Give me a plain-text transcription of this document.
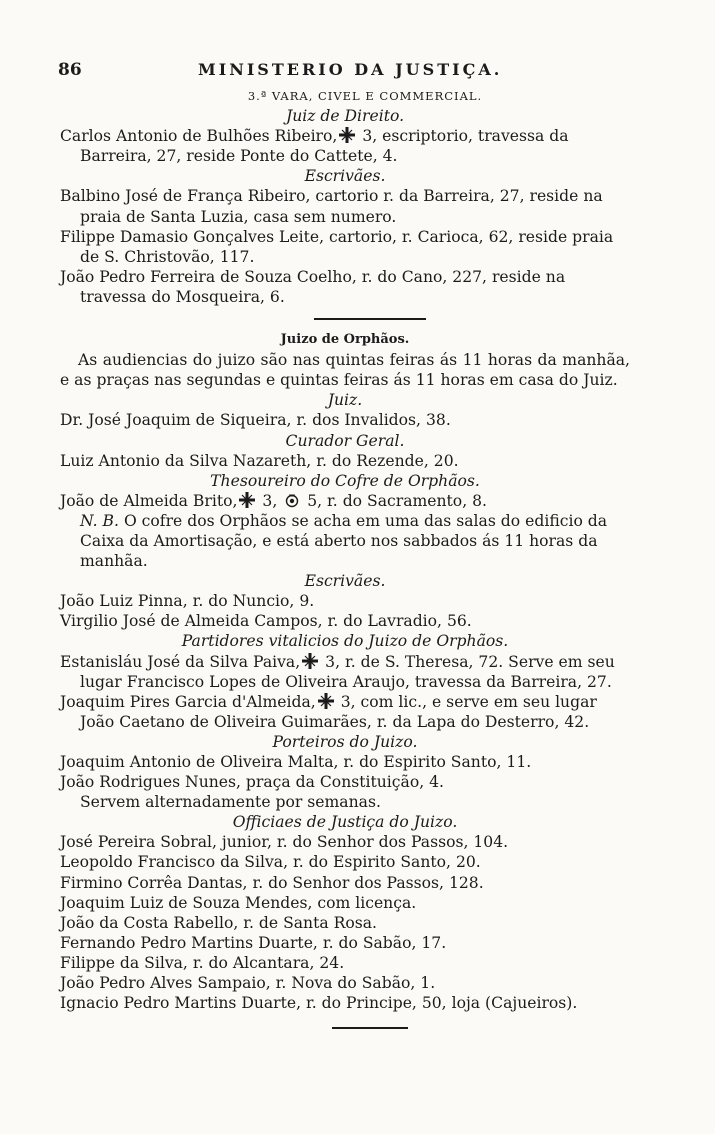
86	MINISTERIO DA JUSTIÇA.
3.ª VARA, CIVEL E COMMERCIAL.
Juiz de Direito.
Carlos Antonio de Bulhões Ribeiro,
3, escriptorio, travessa da Barreira, 27, reside Ponte do Cattete, 4.
Escrivães.
Balbino José de França Ribeiro, cartorio r. da Barreira, 27, reside na praia de Santa Luzia, casa sem numero.
Filippe Damasio Gonçalves Leite, cartorio, r. Carioca, 62, reside praia de S. Christovão, 117.
João Pedro Ferreira de Souza Coelho, r. do Cano, 227, reside na travessa do Mosqueira, 6.
Juizo de Orphãos.
As audiencias do juizo são nas quintas feiras ás 11 horas da manhãa, e as praças nas segundas e quintas feiras ás 11 horas em casa do Juiz.
Juiz.
Dr. José Joaquim de Siqueira, r. dos Invalidos, 38.
Curador Geral.
Luiz Antonio da Silva Nazareth, r. do Rezende, 20.
Thesoureiro do Cofre de Orphãos.
João de Almeida Brito,
3,
5, r. do Sacramento, 8.
N. B. O cofre dos Orphãos se acha em uma das salas do edificio da Caixa da Amortisação, e está aberto nos sabbados ás 11 horas da manhãa.
Escrivães.
João Luiz Pinna, r. do Nuncio, 9.
Virgilio José de Almeida Campos, r. do Lavradio, 56.
Partidores vitalicios do Juizo de Orphãos.
Estanisláu José da Silva Paiva,
3, r. de S. Theresa, 72. Serve em seu lugar Francisco Lopes de Oliveira Araujo, travessa da Barreira, 27.
Joaquim Pires Garcia d'Almeida,
3, com lic., e serve em seu lugar João Caetano de Oliveira Guimarães, r. da Lapa do Desterro, 42.
Porteiros do Juizo.
Joaquim Antonio de Oliveira Malta, r. do Espirito Santo, 11.
João Rodrigues Nunes, praça da Constituição, 4.
Servem alternadamente por semanas.
Officiaes de Justiça do Juizo.
José Pereira Sobral, junior, r. do Senhor dos Passos, 104.
Leopoldo Francisco da Silva, r. do Espirito Santo, 20.
Firmino Corrêa Dantas, r. do Senhor dos Passos, 128.
Joaquim Luiz de Souza Mendes, com licença.
João da Costa Rabello, r. de Santa Rosa.
Fernando Pedro Martins Duarte, r. do Sabão, 17.
Filippe da Silva, r. do Alcantara, 24.
João Pedro Alves Sampaio, r. Nova do Sabão, 1.
Ignacio Pedro Martins Duarte, r. do Principe, 50, loja (Cajueiros).
